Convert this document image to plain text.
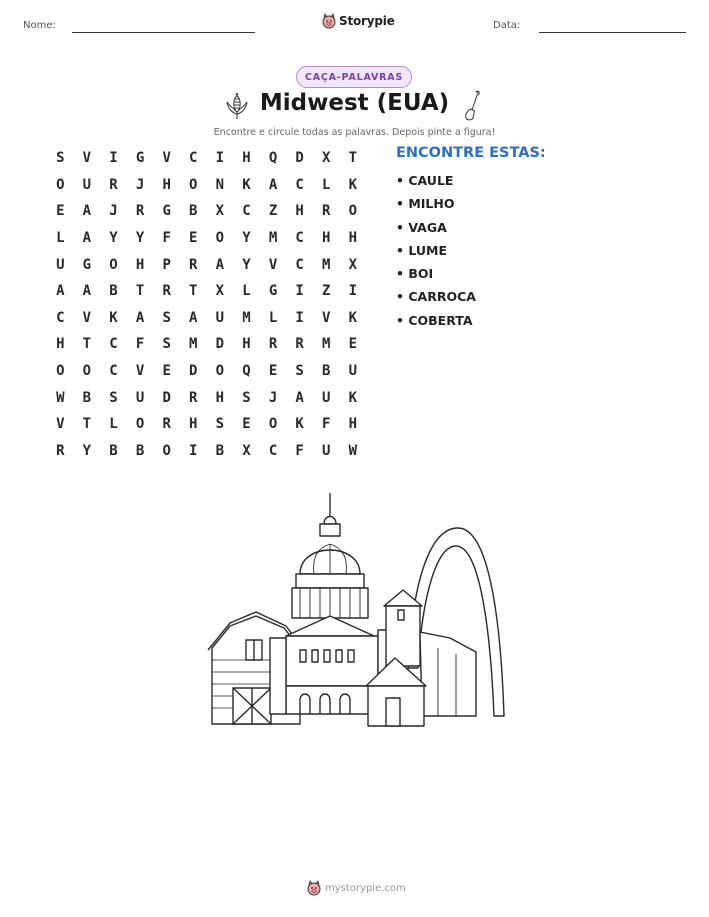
Nome:	Storypie	Data:
CAÇA-PALAVRAS
Midwest (EUA)
Encontre e circule todas as palavras. Depois pinte a figura!
S	V	I	G	V	C	I	H	Q	D	X	T
O	U	R	J	H	O	N	K	A	C	L	K
E	A	J	R	G	B	X	C	Z	H	R	O
L	A	Y	Y	F	E	O	Y	M	C	H	H
U	G	O	H	P	R	A	Y	V	C	M	X
A	A	B	T	R	T	X	L	G	I	Z	I
C	V	K	A	S	A	U	M	L	I	V	K
H	T	C	F	S	M	D	H	R	R	M	E
O	O	C	V	E	D	O	Q	E	S	B	U
W	B	S	U	D	R	H	S	J	A	U	K
V	T	L	O	R	H	S	E	O	K	F	H
R	Y	B	B	O	I	B	X	C	F	U	W
ENCONTRE ESTAS:
• CAULE
• MILHO
• VAGA
• LUME
• BOI
• CARROCA
• COBERTA
mystorypie.com
